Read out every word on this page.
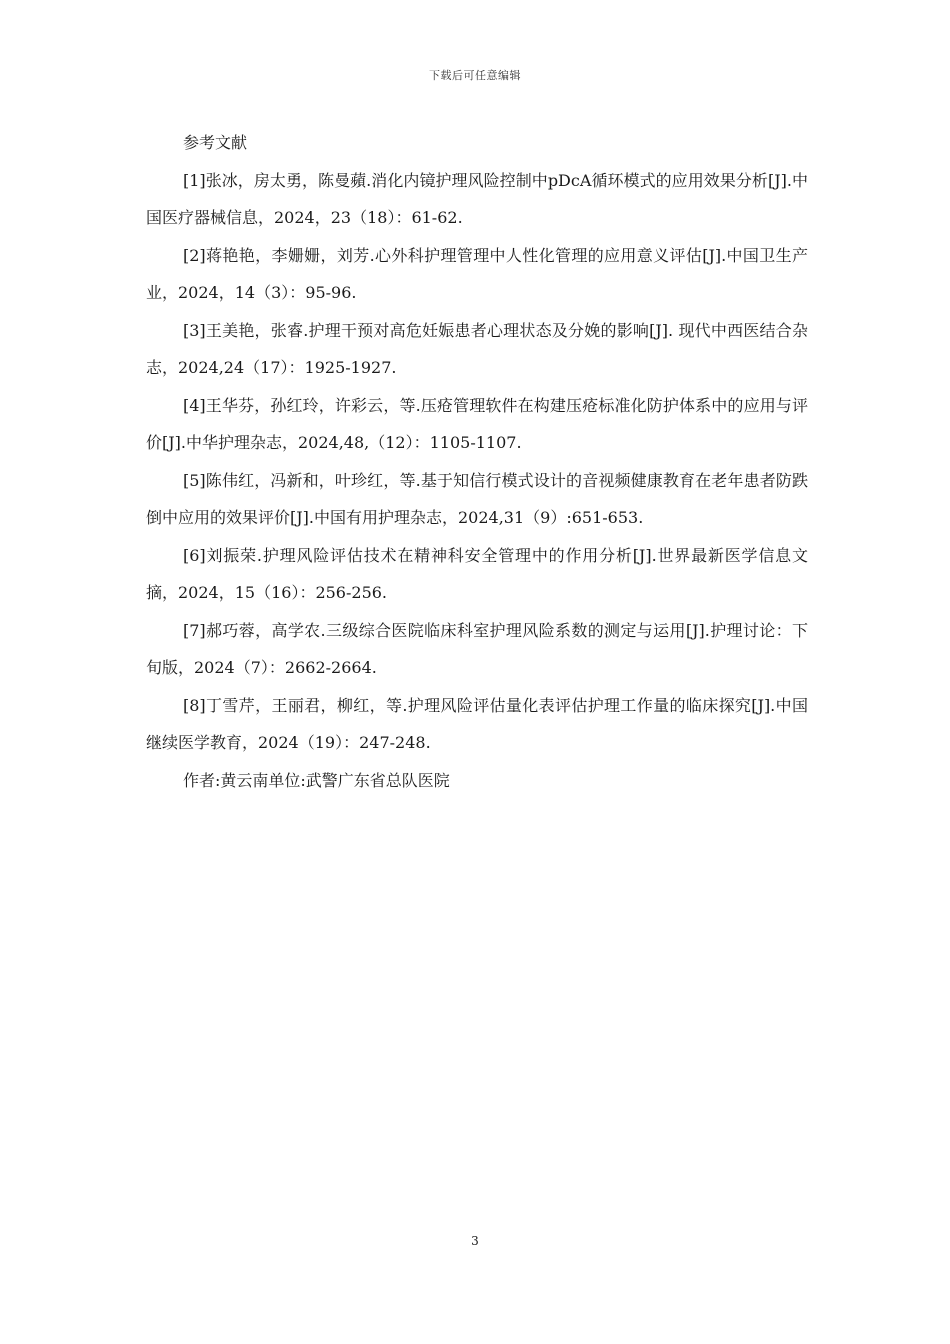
下载后可任意编辑

参考文献

[1]张冰，房太勇，陈曼蘋.消化内镜护理风险控制中pDcA循环模式的应用效果分析[J].中国医疗器械信息，2024，23（18）：61-62.

[2]蒋艳艳，李姗姗，刘芳.心外科护理管理中人性化管理的应用意义评估[J].中国卫生产业，2024，14（3）：95-96.

[3]王美艳，张睿.护理干预对高危妊娠患者心理状态及分娩的影响[J]. 现代中西医结合杂志，2024,24（17）：1925-1927.

[4]王华芬，孙红玲，许彩云，等.压疮管理软件在构建压疮标准化防护体系中的应用与评价[J].中华护理杂志，2024,48,（12）：1105-1107.

[5]陈伟红，冯新和，叶珍红，等.基于知信行模式设计的音视频健康教育在老年患者防跌倒中应用的效果评价[J].中国有用护理杂志，2024,31（9）:651-653.

[6]刘振荣.护理风险评估技术在精神科安全管理中的作用分析[J].世界最新医学信息文摘，2024，15（16）：256-256.

[7]郝巧蓉，高学农.三级综合医院临床科室护理风险系数的测定与运用[J].护理讨论：下旬版，2024（7）：2662-2664.

[8]丁雪芹，王丽君，柳红，等.护理风险评估量化表评估护理工作量的临床探究[J].中国继续医学教育，2024（19）：247-248.

作者:黄云南单位:武警广东省总队医院

3
